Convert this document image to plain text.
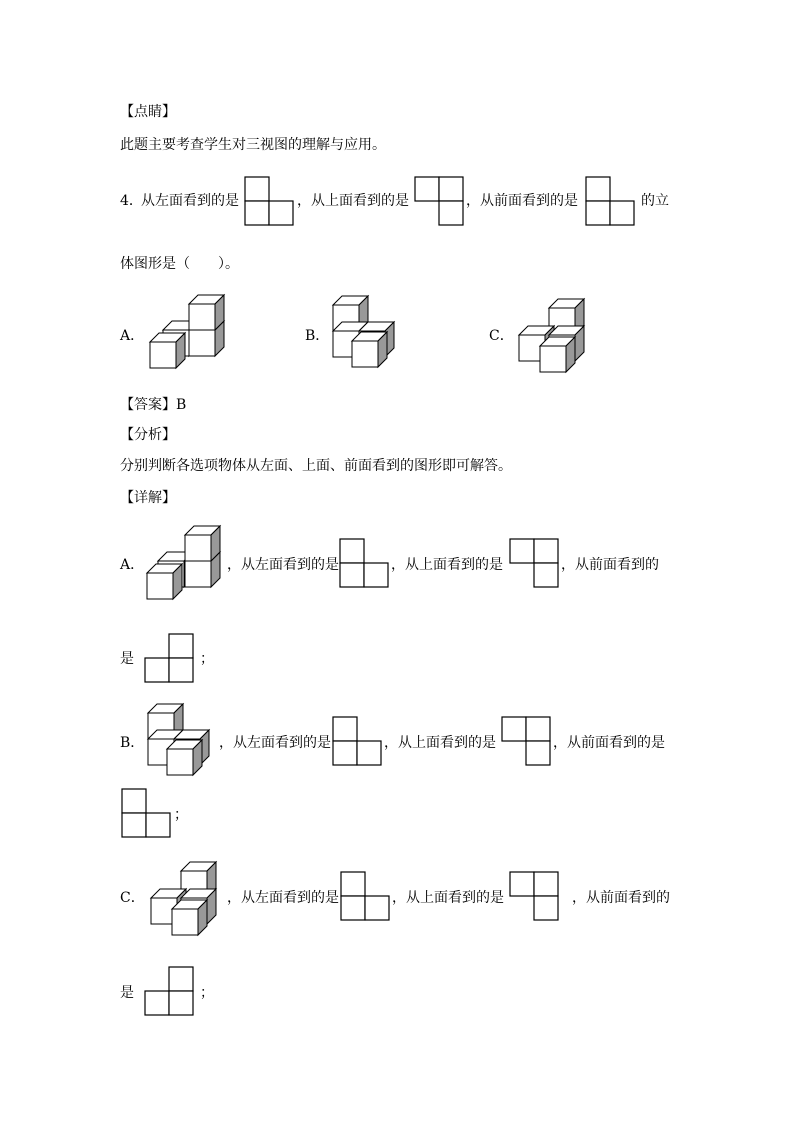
【点睛】
此题主要考查学生对三视图的理解与应用。
4．
从左面看到的是	，从上面看到的是	，从前面看到的是	的立
体图形是（　　）。
A．	B．	C．
【答案】B
【分析】
分别判断各选项物体从左面、上面、前面看到的图形即可解答。
【详解】
A．	，从左面看到的是	，从上面看到的是	，从前面看到的
是	；
B．	，从左面看到的是	，从上面看到的是	，从前面看到的是
；
C．	，从左面看到的是	，从上面看到的是	，从前面看到的
是	；
